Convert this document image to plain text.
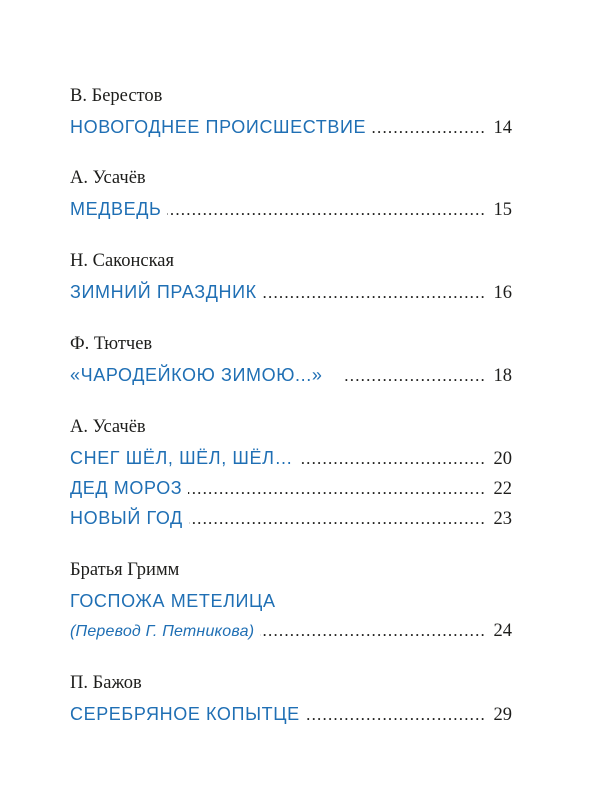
В. Берестов
НОВОГОДНЕЕ ПРОИСШЕСТВИЕ .....	14
А. Усачёв
МЕДВЕДЬ .....	15
Н. Саконская
ЗИМНИЙ ПРАЗДНИК .....	16
Ф. Тютчев
«ЧАРОДЕЙКОЮ ЗИМОЮ...» .....	18
А. Усачёв
СНЕГ ШЁЛ, ШЁЛ, ШЁЛ… .....	20
ДЕД МОРОЗ .....	22
НОВЫЙ ГОД .....	23
Братья Гримм
ГОСПОЖА МЕТЕЛИЦА
(Перевод Г. Петникова) .....	24
П. Бажов
СЕРЕБРЯНОЕ КОПЫТЦЕ .....	29
